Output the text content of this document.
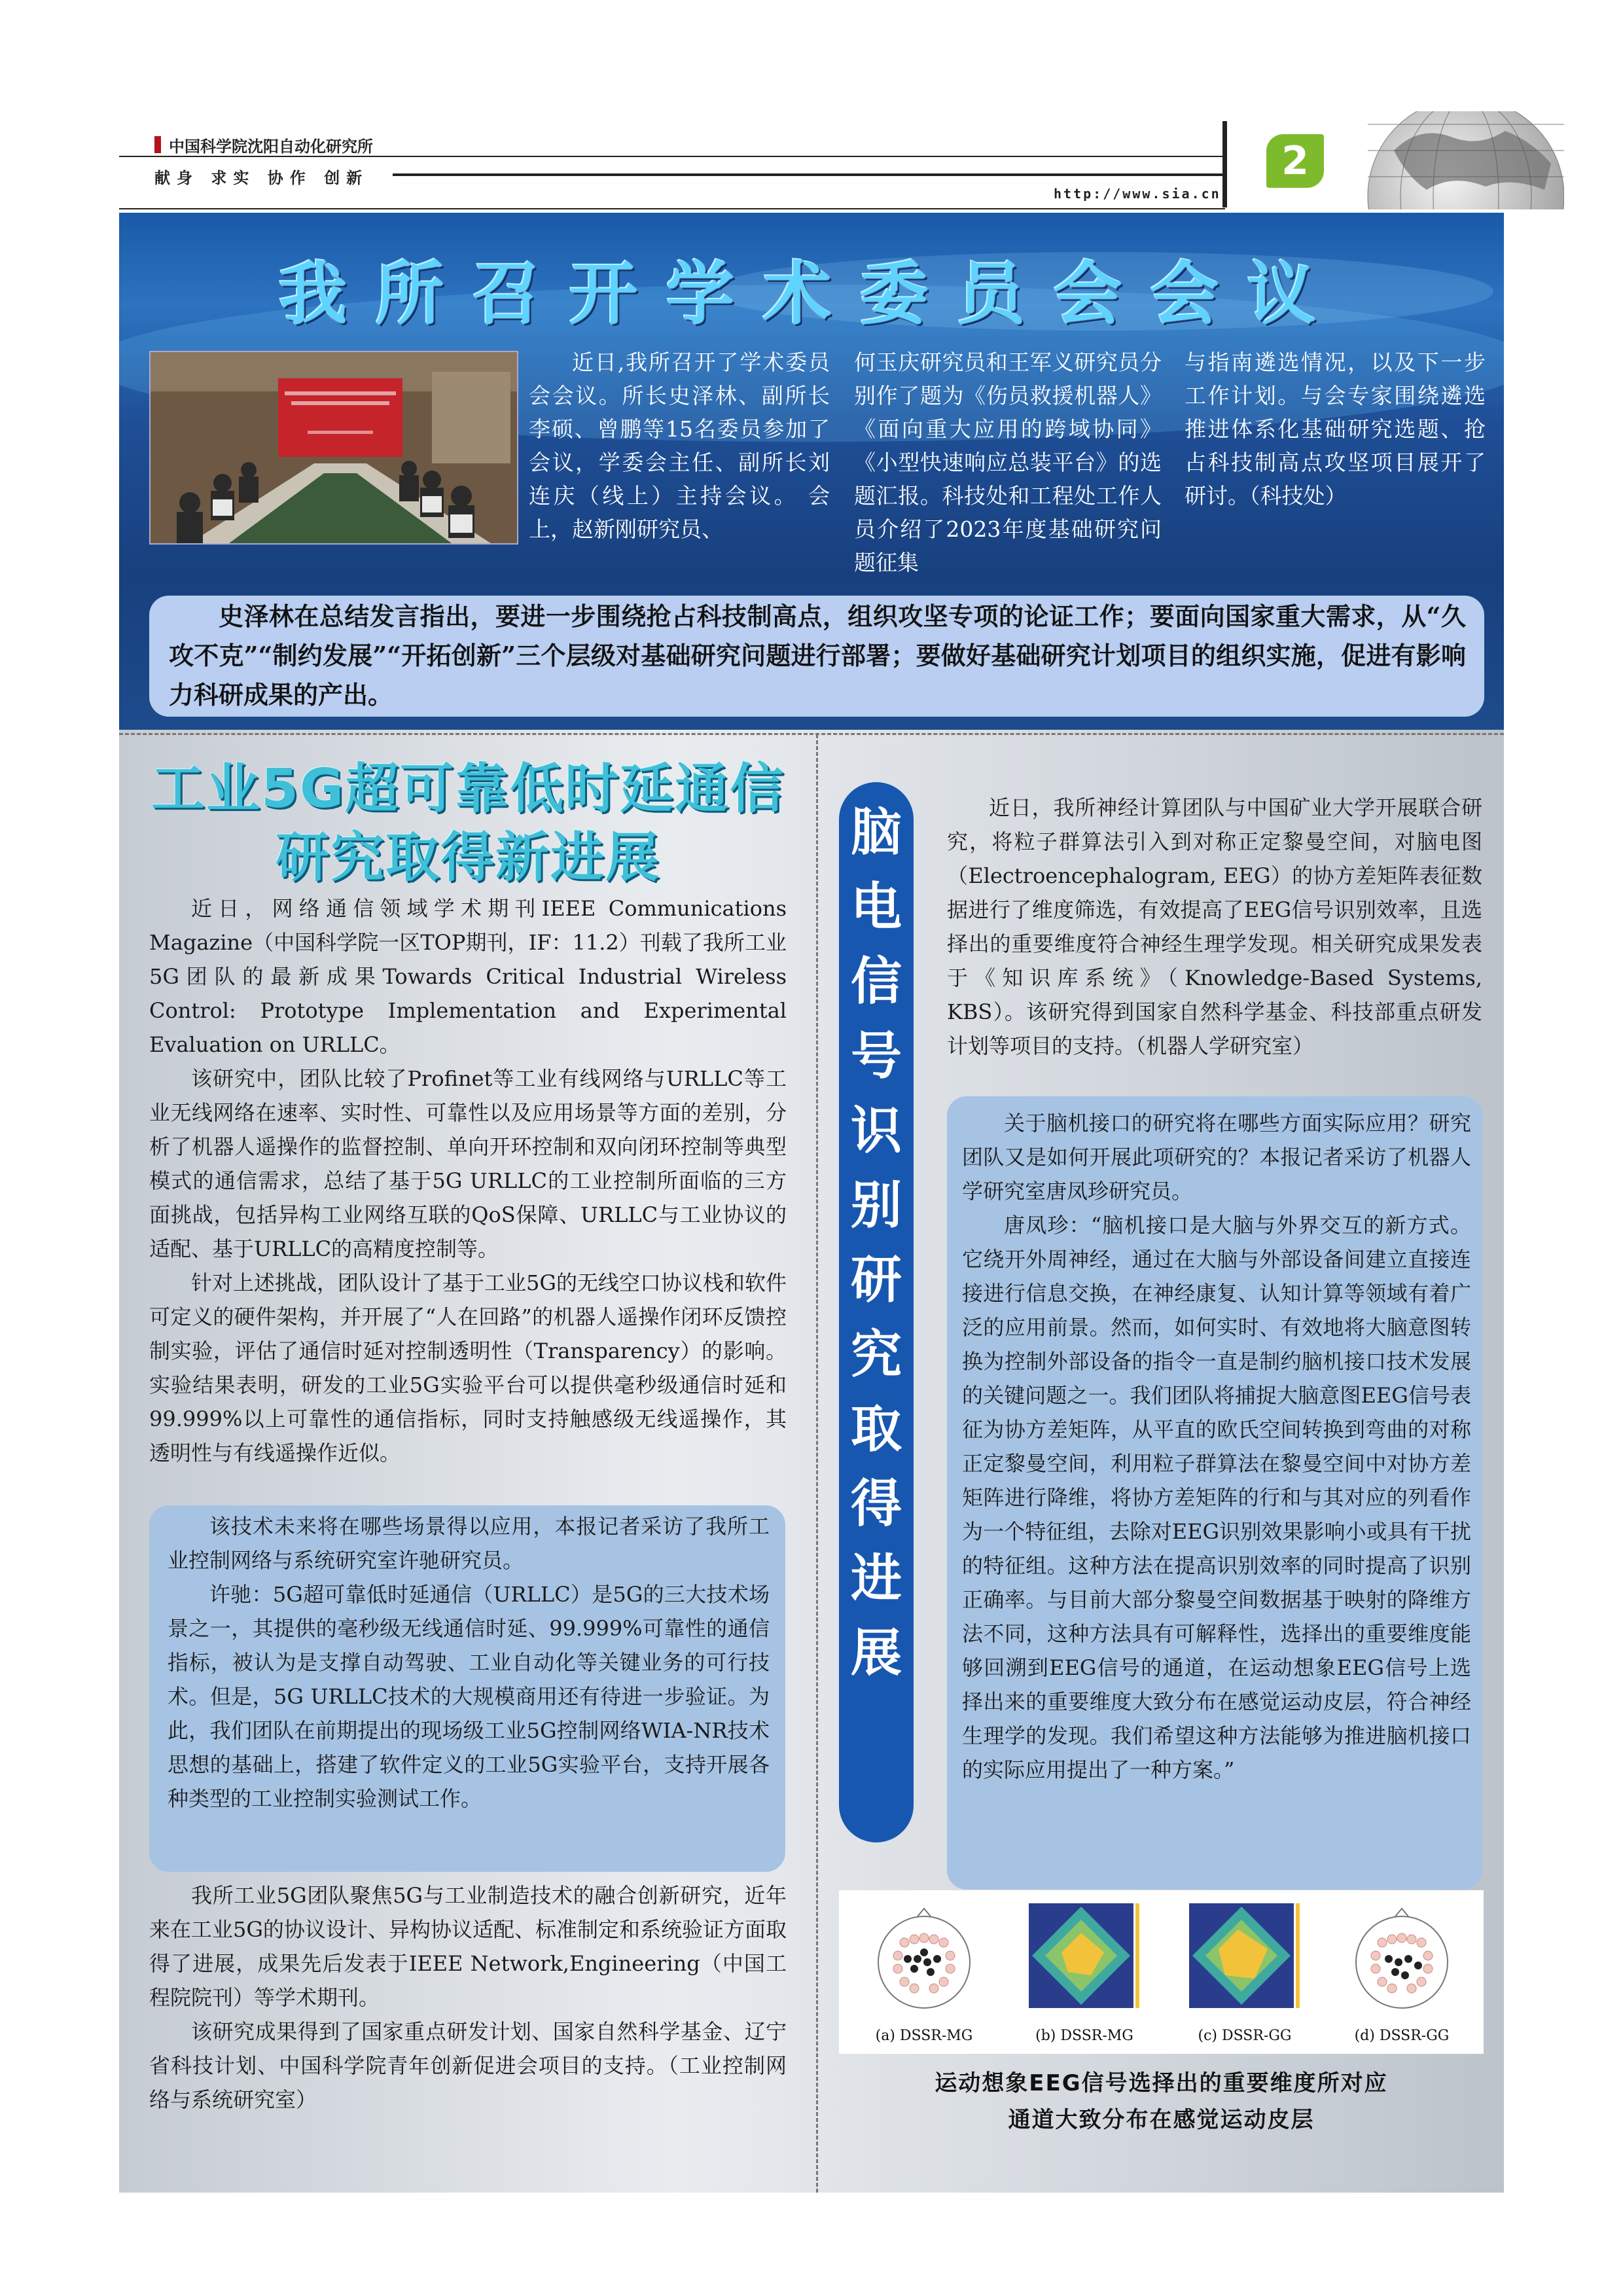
中国科学院沈阳自动化研究所
献身 求实 协作 创新
http://www.sia.cn
2
我所召开学术委员会会议

近日,我所召开了学术委员会会议。所长史泽林、副所长李硕、曾鹏等15名委员参加了会议，学委会主任、副所长刘连庆（线上）主持会议。 会上，赵新刚研究员、

何玉庆研究员和王军义研究员分别作了题为《伤员救援机器人》《面向重大应用的跨域协同》《小型快速响应总装平台》的选题汇报。科技处和工程处工作人员介绍了2023年度基础研究问题征集

与指南遴选情况，以及下一步工作计划。与会专家围绕遴选推进体系化基础研究选题、抢占科技制高点攻坚项目展开了研讨。（科技处）

史泽林在总结发言指出，要进一步围绕抢占科技制高点，组织攻坚专项的论证工作；要面向国家重大需求，从“久攻不克”“制约发展”“开拓创新”三个层级对基础研究问题进行部署；要做好基础研究计划项目的组织实施，促进有影响力科研成果的产出。

工业5G超可靠低时延通信
研究取得新进展

近日，网络通信领域学术期刊IEEE Communications Magazine（中国科学院一区TOP期刊，IF：11.2）刊载了我所工业5G团队的最新成果Towards Critical Industrial Wireless Control: Prototype Implementation and Experimental Evaluation on URLLC。

该研究中，团队比较了Profinet等工业有线网络与URLLC等工业无线网络在速率、实时性、可靠性以及应用场景等方面的差别，分析了机器人遥操作的监督控制、单向开环控制和双向闭环控制等典型模式的通信需求，总结了基于5G URLLC的工业控制所面临的三方面挑战，包括异构工业网络互联的QoS保障、URLLC与工业协议的适配、基于URLLC的高精度控制等。

针对上述挑战，团队设计了基于工业5G的无线空口协议栈和软件可定义的硬件架构，并开展了“人在回路”的机器人遥操作闭环反馈控制实验，评估了通信时延对控制透明性（Transparency）的影响。实验结果表明，研发的工业5G实验平台可以提供毫秒级通信时延和99.999%以上可靠性的通信指标，同时支持触感级无线遥操作，其透明性与有线遥操作近似。

该技术未来将在哪些场景得以应用，本报记者采访了我所工业控制网络与系统研究室许驰研究员。

许驰：5G超可靠低时延通信（URLLC）是5G的三大技术场景之一，其提供的毫秒级无线通信时延、99.999%可靠性的通信指标，被认为是支撑自动驾驶、工业自动化等关键业务的可行技术。但是，5G URLLC技术的大规模商用还有待进一步验证。为此，我们团队在前期提出的现场级工业5G控制网络WIA-NR技术思想的基础上，搭建了软件定义的工业5G实验平台，支持开展各种类型的工业控制实验测试工作。

我所工业5G团队聚焦5G与工业制造技术的融合创新研究，近年来在工业5G的协议设计、异构协议适配、标准制定和系统验证方面取得了进展，成果先后发表于IEEE Network,Engineering（中国工程院院刊）等学术期刊。

该研究成果得到了国家重点研发计划、国家自然科学基金、辽宁省科技计划、中国科学院青年创新促进会项目的支持。（工业控制网络与系统研究室）

脑
电
信
号
识
别
研
究
取
得
进
展

近日，我所神经计算团队与中国矿业大学开展联合研究，将粒子群算法引入到对称正定黎曼空间，对脑电图（Electroencephalogram, EEG）的协方差矩阵表征数据进行了维度筛选，有效提高了EEG信号识别效率，且选择出的重要维度符合神经生理学发现。相关研究成果发表于《知识库系统》（Knowledge-Based Systems, KBS）。该研究得到国家自然科学基金、科技部重点研发计划等项目的支持。（机器人学研究室）

关于脑机接口的研究将在哪些方面实际应用？研究团队又是如何开展此项研究的？本报记者采访了机器人学研究室唐凤珍研究员。

唐凤珍：“脑机接口是大脑与外界交互的新方式。它绕开外周神经，通过在大脑与外部设备间建立直接连接进行信息交换，在神经康复、认知计算等领域有着广泛的应用前景。然而，如何实时、有效地将大脑意图转换为控制外部设备的指令一直是制约脑机接口技术发展的关键问题之一。我们团队将捕捉大脑意图EEG信号表征为协方差矩阵，从平直的欧氏空间转换到弯曲的对称正定黎曼空间，利用粒子群算法在黎曼空间中对协方差矩阵进行降维，将协方差矩阵的行和与其对应的列看作为一个特征组，去除对EEG识别效果影响小或具有干扰的特征组。这种方法在提高识别效率的同时提高了识别正确率。与目前大部分黎曼空间数据基于映射的降维方法不同，这种方法具有可解释性，选择出的重要维度能够回溯到EEG信号的通道，在运动想象EEG信号上选择出来的重要维度大致分布在感觉运动皮层，符合神经生理学的发现。我们希望这种方法能够为推进脑机接口的实际应用提出了一种方案。”

(a) DSSR-MG	(b) DSSR-MG	(c) DSSR-GG	(d) DSSR-GG
运动想象EEG信号选择出的重要维度所对应
通道大致分布在感觉运动皮层
